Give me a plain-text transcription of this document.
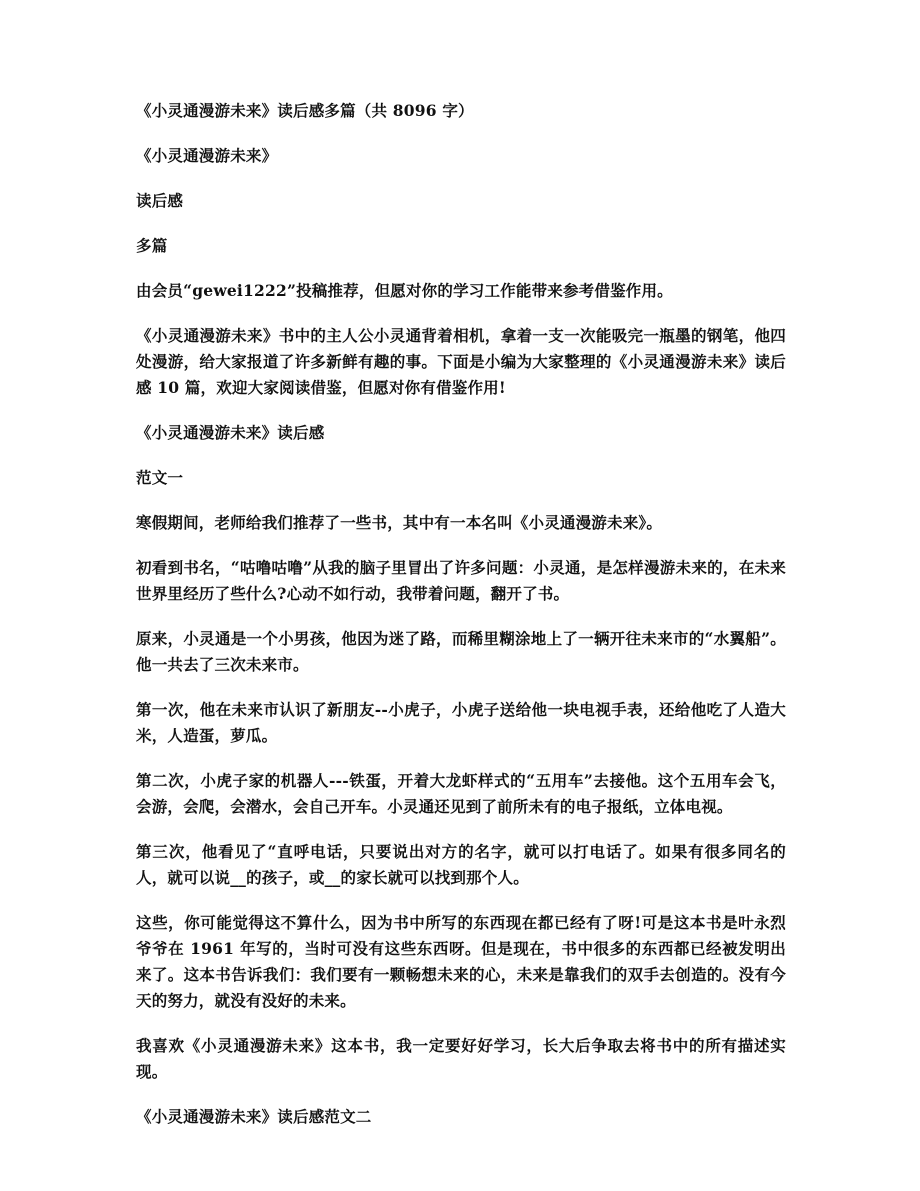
《小灵通漫游未来》读后感多篇（共 8096 字）

《小灵通漫游未来》

读后感

多篇

由会员“gewei1222”投稿推荐，但愿对你的学习工作能带来参考借鉴作用。

《小灵通漫游未来》书中的主人公小灵通背着相机，拿着一支一次能吸完一瓶墨的钢笔，他四处漫游，给大家报道了许多新鲜有趣的事。下面是小编为大家整理的《小灵通漫游未来》读后感 10 篇，欢迎大家阅读借鉴，但愿对你有借鉴作用!

《小灵通漫游未来》读后感

范文一

寒假期间，老师给我们推荐了一些书，其中有一本名叫《小灵通漫游未来》。

初看到书名，“咕噜咕噜”从我的脑子里冒出了许多问题：小灵通，是怎样漫游未来的，在未来世界里经历了些什么?心动不如行动，我带着问题，翻开了书。

原来，小灵通是一个小男孩，他因为迷了路，而稀里糊涂地上了一辆开往未来市的“水翼船”。他一共去了三次未来市。

第一次，他在未来市认识了新朋友--小虎子，小虎子送给他一块电视手表，还给他吃了人造大米，人造蛋，萝瓜。

第二次，小虎子家的机器人---铁蛋，开着大龙虾样式的“五用车”去接他。这个五用车会飞，会游，会爬，会潜水，会自己开车。小灵通还见到了前所未有的电子报纸，立体电视。

第三次，他看见了“直呼电话，只要说出对方的名字，就可以打电话了。如果有很多同名的人，就可以说__的孩子，或__的家长就可以找到那个人。

这些，你可能觉得这不算什么，因为书中所写的东西现在都已经有了呀!可是这本书是叶永烈爷爷在 1961 年写的，当时可没有这些东西呀。但是现在，书中很多的东西都已经被发明出来了。这本书告诉我们：我们要有一颗畅想未来的心，未来是靠我们的双手去创造的。没有今天的努力，就没有没好的未来。

我喜欢《小灵通漫游未来》这本书，我一定要好好学习，长大后争取去将书中的所有描述实现。

《小灵通漫游未来》读后感范文二
